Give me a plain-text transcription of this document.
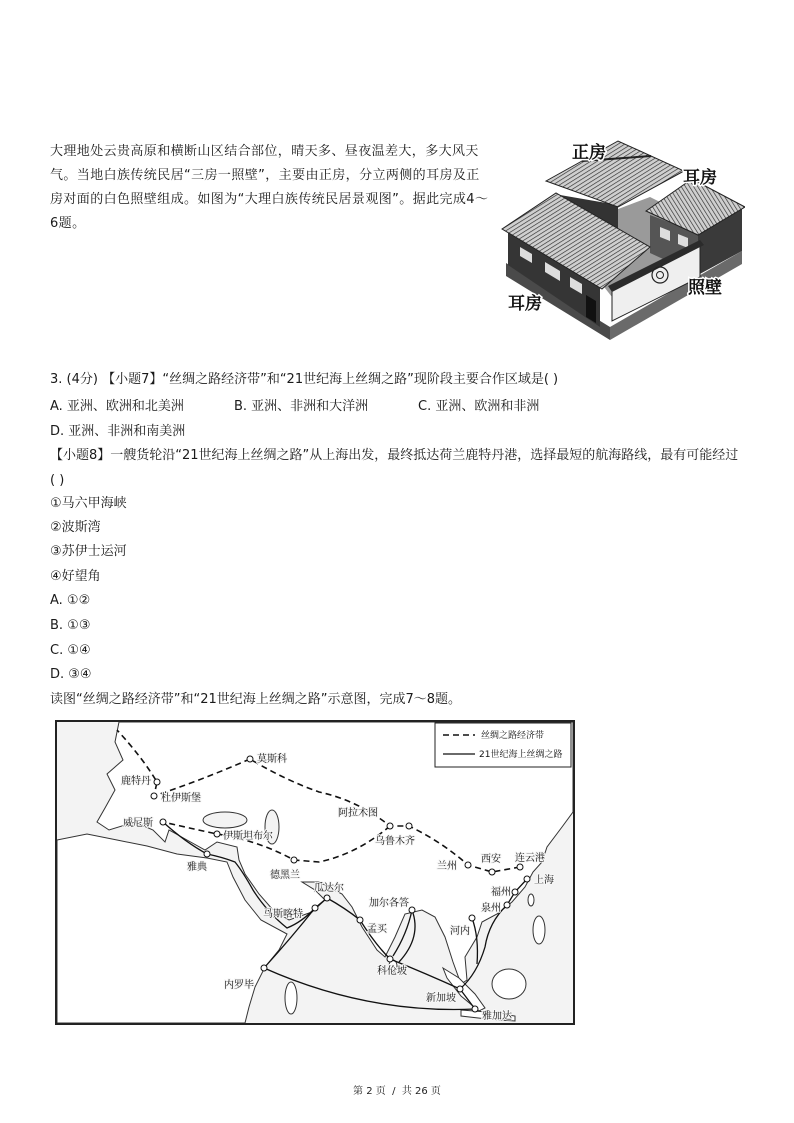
大理地处云贵高原和横断山区结合部位，晴天多、昼夜温差大，多大风天气。当地白族传统民居“三房一照壁”，主要由正房，分立两侧的耳房及正房对面的白色照壁组成。如图为“大理白族传统民居景观图”。据此完成4～6题。

正房
耳房
耳房
照壁
3. (4分) 【小题7】“丝绸之路经济带”和“21世纪海上丝绸之路”现阶段主要合作区域是( )
A. 亚洲、欧洲和北美洲	B. 亚洲、非洲和大洋洲	C. 亚洲、欧洲和非洲
D. 亚洲、非洲和南美洲
【小题8】一艘货轮沿“21世纪海上丝绸之路”从上海出发，最终抵达荷兰鹿特丹港，选择最短的航海路线，最有可能经过( )
①马六甲海峡
②波斯湾
③苏伊士运河
④好望角
A. ①②
B. ①③
C. ①④
D. ③④
读图“丝绸之路经济带”和“21世纪海上丝绸之路”示意图，完成7～8题。
莫斯科
鹿特丹
杜伊斯堡
威尼斯
伊斯坦布尔
雅典
阿拉木图
乌鲁木齐
兰州
西安 连云港
上海
福州
泉州
德黑兰
瓜达尔
马斯喀特
加尔各答
孟买	河内
科伦坡
内罗毕
新加坡
雅加达
丝绸之路经济带
21世纪海上丝绸之路
第 2 页  /  共 26 页
